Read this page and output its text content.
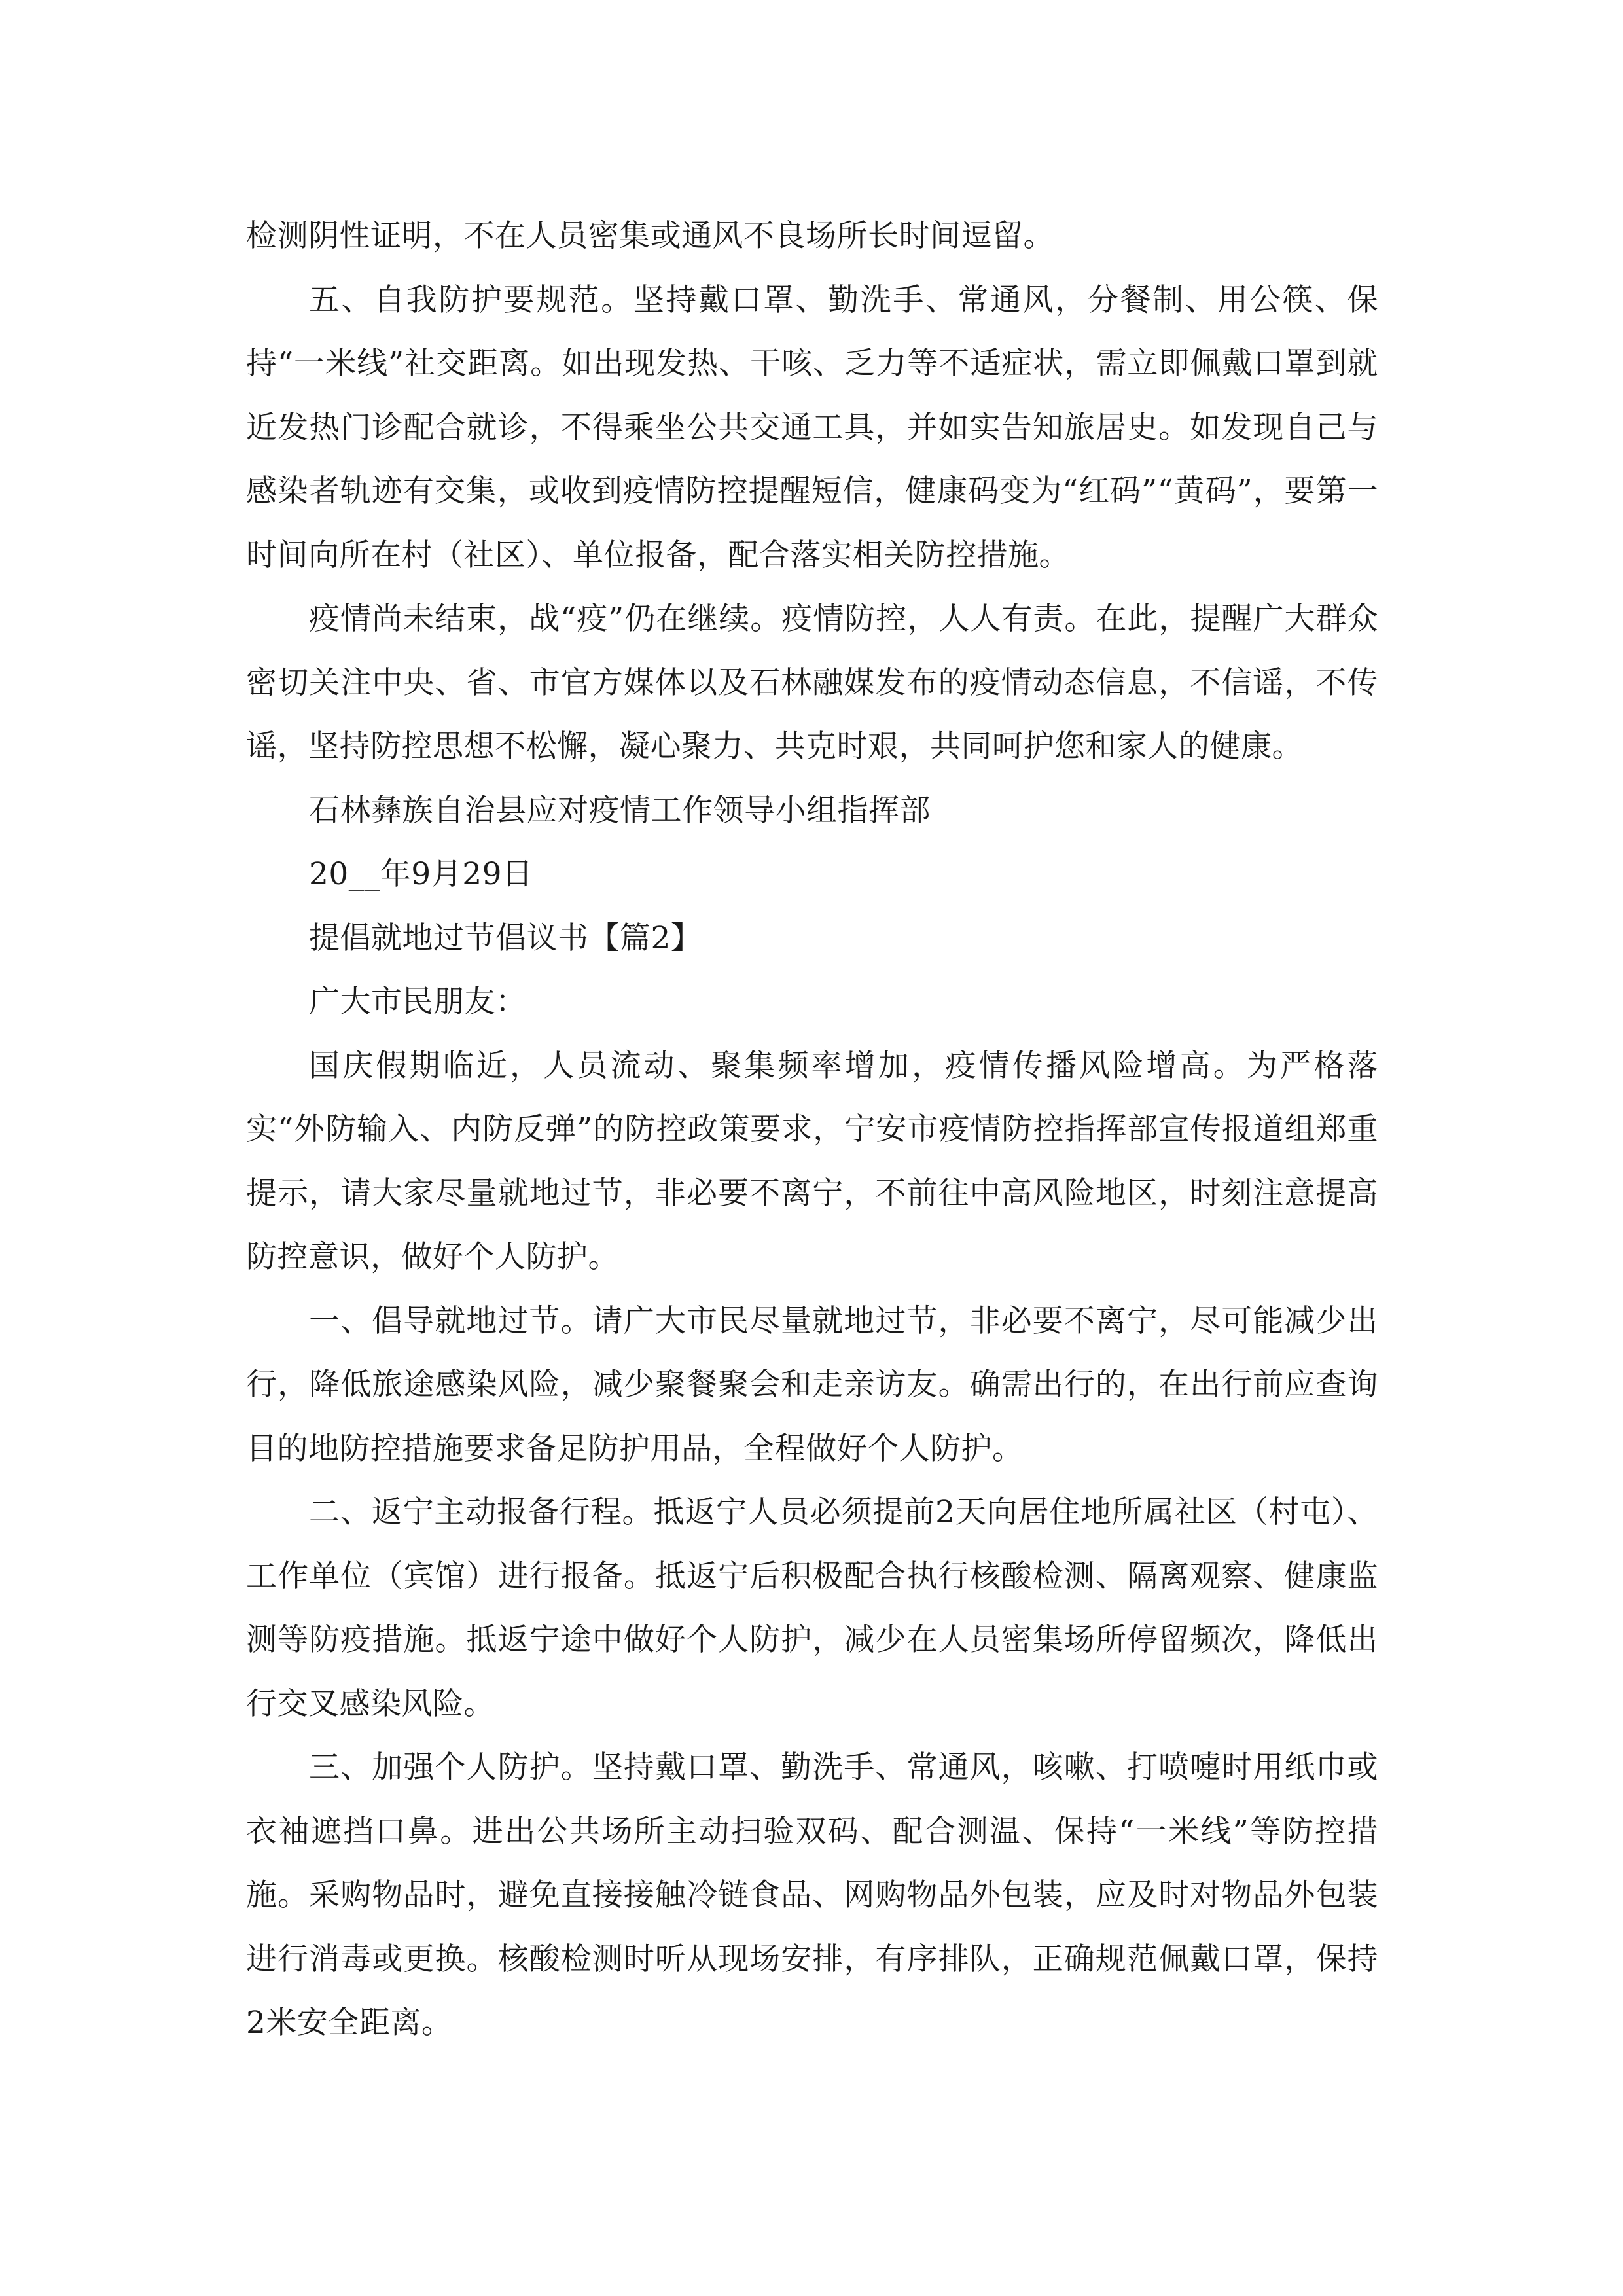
检测阴性证明，不在人员密集或通风不良场所长时间逗留。

五、自我防护要规范。坚持戴口罩、勤洗手、常通风，分餐制、用公筷、保持“一米线”社交距离。如出现发热、干咳、乏力等不适症状，需立即佩戴口罩到就近发热门诊配合就诊，不得乘坐公共交通工具，并如实告知旅居史。如发现自己与感染者轨迹有交集，或收到疫情防控提醒短信，健康码变为“红码”“黄码”，要第一时间向所在村（社区）、单位报备，配合落实相关防控措施。

疫情尚未结束，战“疫”仍在继续。疫情防控，人人有责。在此，提醒广大群众密切关注中央、省、市官方媒体以及石林融媒发布的疫情动态信息，不信谣，不传谣，坚持防控思想不松懈，凝心聚力、共克时艰，共同呵护您和家人的健康。

石林彝族自治县应对疫情工作领导小组指挥部

20__年9月29日

提倡就地过节倡议书【篇2】

广大市民朋友：

国庆假期临近，人员流动、聚集频率增加，疫情传播风险增高。为严格落实“外防输入、内防反弹”的防控政策要求，宁安市疫情防控指挥部宣传报道组郑重提示，请大家尽量就地过节，非必要不离宁，不前往中高风险地区，时刻注意提高防控意识，做好个人防护。

一、倡导就地过节。请广大市民尽量就地过节，非必要不离宁，尽可能减少出行，降低旅途感染风险，减少聚餐聚会和走亲访友。确需出行的，在出行前应查询目的地防控措施要求备足防护用品，全程做好个人防护。

二、返宁主动报备行程。抵返宁人员必须提前2天向居住地所属社区（村屯）、工作单位（宾馆）进行报备。抵返宁后积极配合执行核酸检测、隔离观察、健康监测等防疫措施。抵返宁途中做好个人防护，减少在人员密集场所停留频次，降低出行交叉感染风险。

三、加强个人防护。坚持戴口罩、勤洗手、常通风，咳嗽、打喷嚏时用纸巾或衣袖遮挡口鼻。进出公共场所主动扫验双码、配合测温、保持“一米线”等防控措施。采购物品时，避免直接接触冷链食品、网购物品外包装，应及时对物品外包装进行消毒或更换。核酸检测时听从现场安排，有序排队，正确规范佩戴口罩，保持2米安全距离。
